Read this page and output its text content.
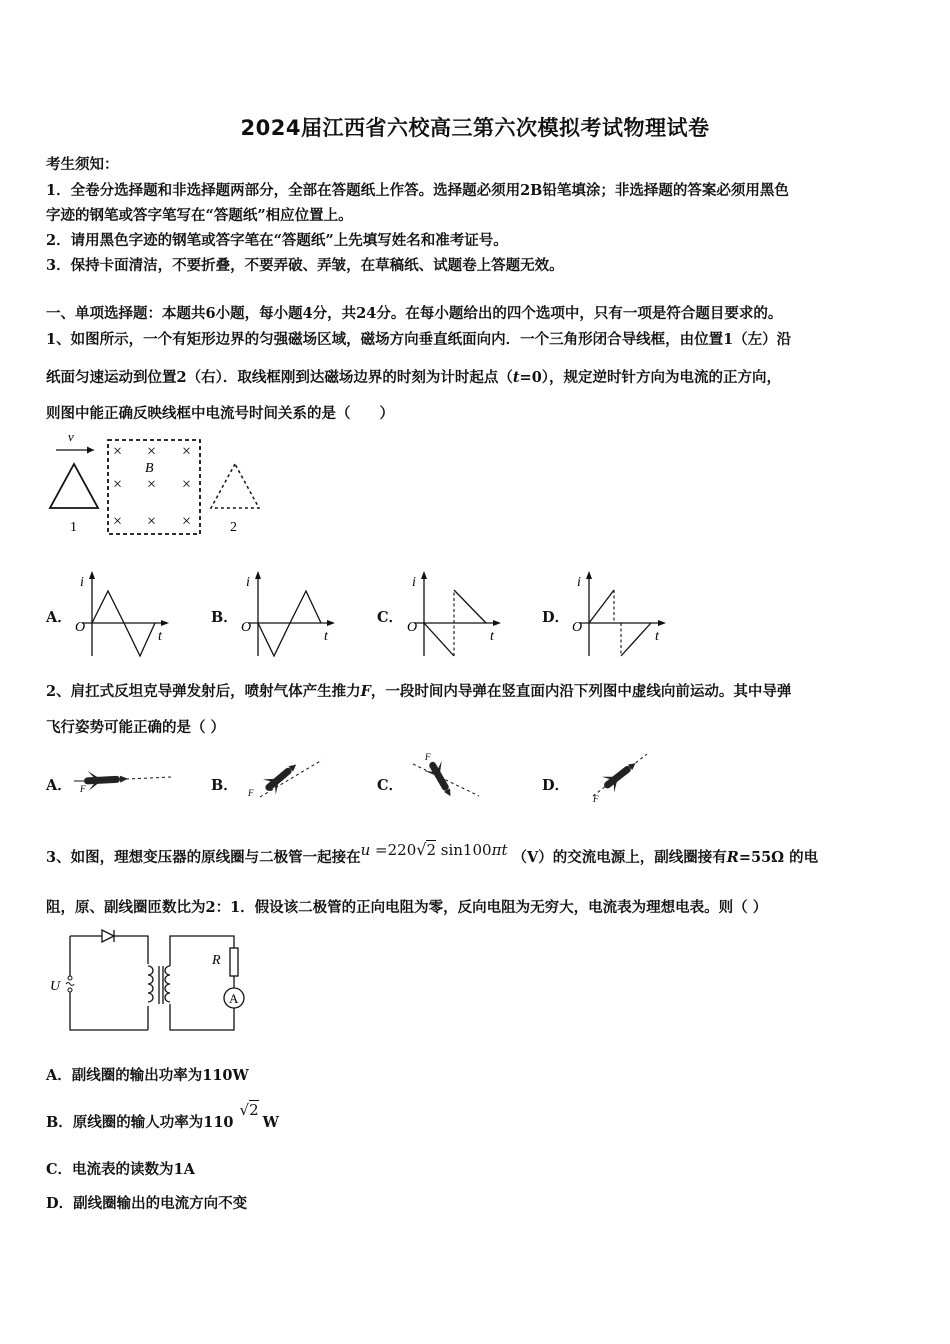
2024届江西省六校高三第六次模拟考试物理试卷
考生须知：
1．全卷分选择题和非选择题两部分，全部在答题纸上作答。选择题必须用2B铅笔填涂；非选择题的答案必须用黑色
字迹的钢笔或答字笔写在“答题纸”相应位置上。
2．请用黑色字迹的钢笔或答字笔在“答题纸”上先填写姓名和准考证号。
3．保持卡面清洁，不要折叠，不要弄破、弄皱，在草稿纸、试题卷上答题无效。
一、单项选择题：本题共6小题，每小题4分，共24分。在每小题给出的四个选项中，只有一项是符合题目要求的。
1、如图所示，一个有矩形边界的匀强磁场区域，磁场方向垂直纸面向内．一个三角形闭合导线框，由位置1（左）沿
纸面匀速运动到位置2（右）．取线框刚到达磁场边界的时刻为计时起点（t=0），规定逆时针方向为电流的正方向，
则图中能正确反映线框中电流号时间关系的是（　　）
v
1
B
× × ×
× × ×
× × ×	2
A．
i
O
t
B．
i
O
t
C．
i
O
t
D．
i
O
t
2、肩扛式反坦克导弹发射后，喷射气体产生推力F，一段时间内导弹在竖直面内沿下列图中虚线向前运动。其中导弹
飞行姿势可能正确的是（ ）
A． F	B． F	C．
F
D．
F
3、如图，理想变压器的原线圈与二极管一起接在u =220√2 sin100πt （V）的交流电源上，副线圈接有R=55Ω 的电
阻，原、副线圈匝数比为2：1．假设该二极管的正向电阻为零，反向电阻为无穷大，电流表为理想电表。则（ ）
U
R
A
A．副线圈的输出功率为110W
B．原线圈的输人功率为110√2W
C．电流表的读数为1A
D．副线圈输出的电流方向不变
